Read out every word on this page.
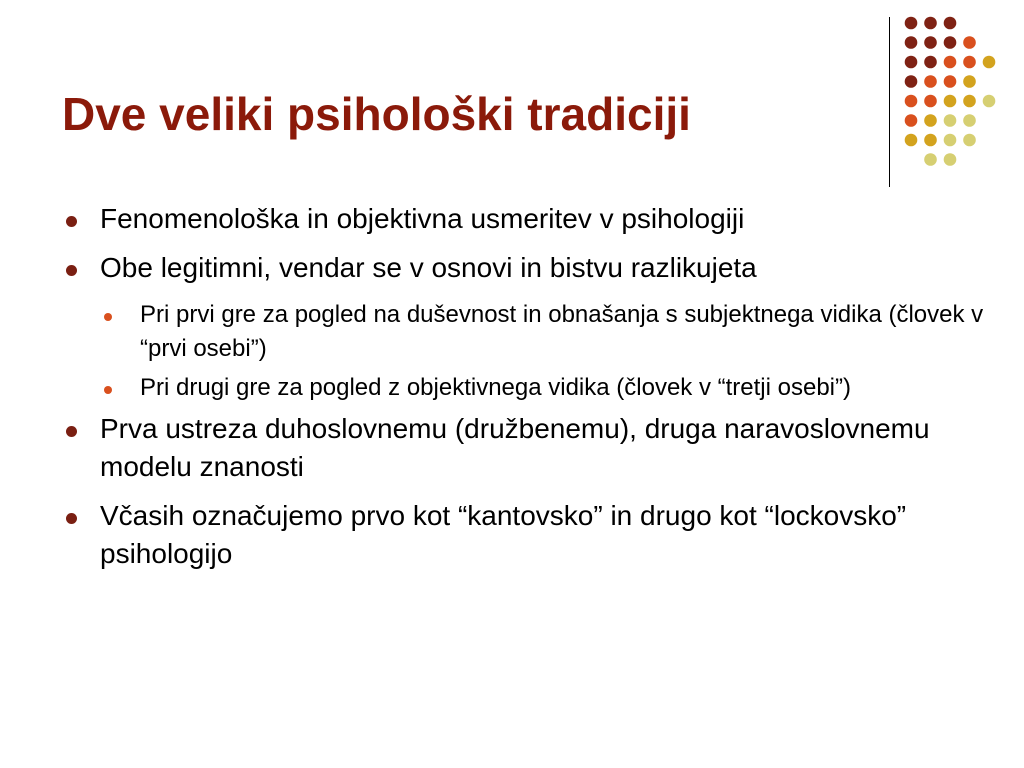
Dve veliki psihološki tradiciji
Fenomenološka in objektivna usmeritev v psihologiji
Obe legitimni, vendar se v osnovi in bistvu razlikujeta
Pri prvi gre za pogled na duševnost in obnašanja s subjektnega vidika (človek v “prvi osebi”)
Pri drugi gre za pogled z objektivnega vidika (človek v “tretji osebi”)
Prva ustreza duhoslovnemu (družbenemu), druga naravoslovnemu modelu znanosti
Včasih označujemo prvo kot “kantovsko” in drugo kot “lockovsko” psihologijo
